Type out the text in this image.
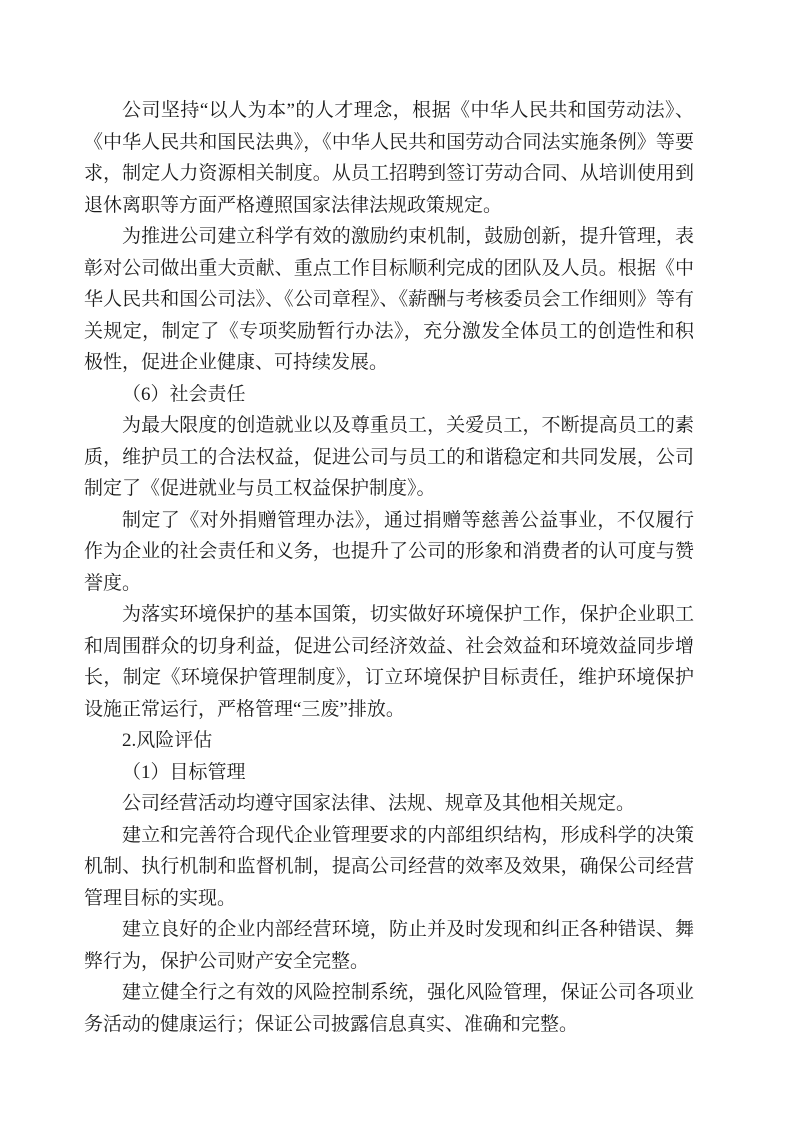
公司坚持“以人为本”的人才理念，根据《中华人民共和国劳动法》、《中华人民共和国民法典》，《中华人民共和国劳动合同法实施条例》等要求，制定人力资源相关制度。从员工招聘到签订劳动合同、从培训使用到退休离职等方面严格遵照国家法律法规政策规定。

为推进公司建立科学有效的激励约束机制，鼓励创新，提升管理，表彰对公司做出重大贡献、重点工作目标顺利完成的团队及人员。根据《中华人民共和国公司法》、《公司章程》、《薪酬与考核委员会工作细则》等有关规定，制定了《专项奖励暂行办法》，充分激发全体员工的创造性和积极性，促进企业健康、可持续发展。

（6）社会责任

为最大限度的创造就业以及尊重员工，关爱员工，不断提高员工的素质，维护员工的合法权益，促进公司与员工的和谐稳定和共同发展，公司制定了《促进就业与员工权益保护制度》。

制定了《对外捐赠管理办法》，通过捐赠等慈善公益事业，不仅履行作为企业的社会责任和义务，也提升了公司的形象和消费者的认可度与赞誉度。

为落实环境保护的基本国策，切实做好环境保护工作，保护企业职工和周围群众的切身利益，促进公司经济效益、社会效益和环境效益同步增长，制定《环境保护管理制度》，订立环境保护目标责任，维护环境保护设施正常运行，严格管理“三废”排放。

2.风险评估

（1）目标管理

公司经营活动均遵守国家法律、法规、规章及其他相关规定。

建立和完善符合现代企业管理要求的内部组织结构，形成科学的决策机制、执行机制和监督机制，提高公司经营的效率及效果，确保公司经营管理目标的实现。

建立良好的企业内部经营环境，防止并及时发现和纠正各种错误、舞弊行为，保护公司财产安全完整。

建立健全行之有效的风险控制系统，强化风险管理，保证公司各项业务活动的健康运行；保证公司披露信息真实、准确和完整。
